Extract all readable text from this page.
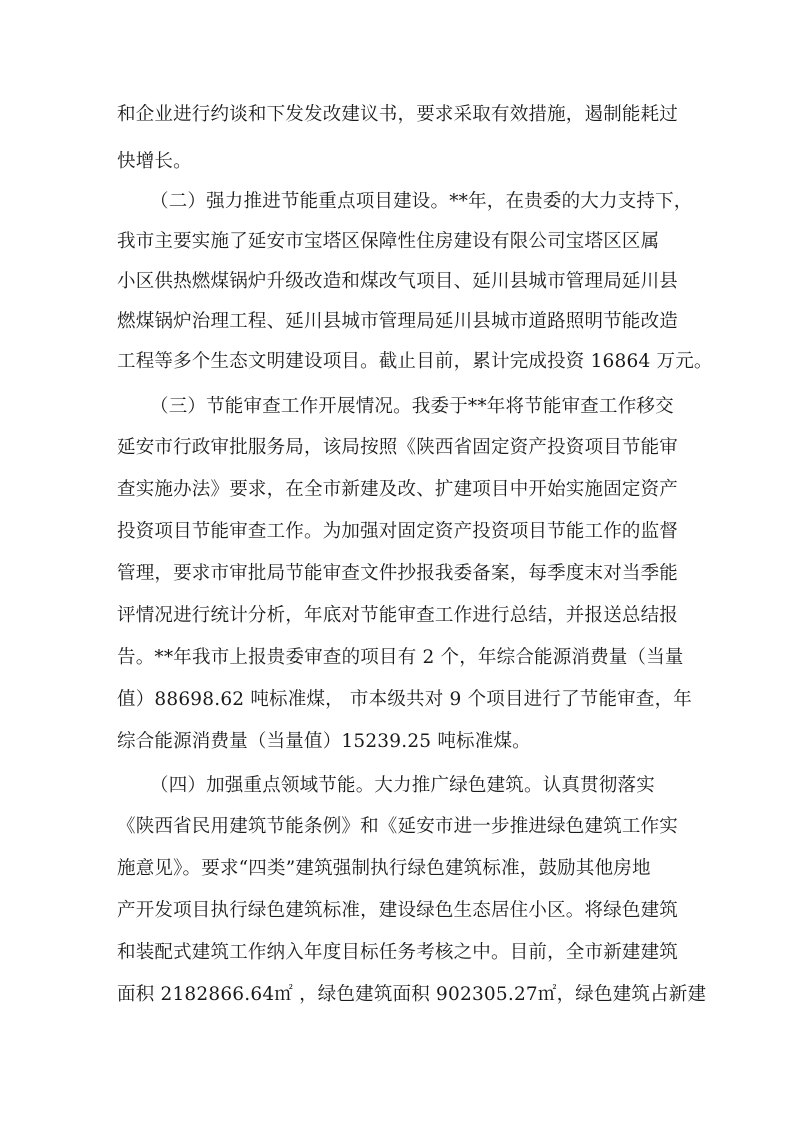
和企业进行约谈和下发发改建议书，要求采取有效措施，遏制能耗过
快增长。
（二）强力推进节能重点项目建设。**年，在贵委的大力支持下，
我市主要实施了延安市宝塔区保障性住房建设有限公司宝塔区区属
小区供热燃煤锅炉升级改造和煤改气项目、延川县城市管理局延川县
燃煤锅炉治理工程、延川县城市管理局延川县城市道路照明节能改造
工程等多个生态文明建设项目。截止目前，累计完成投资 16864 万元。
（三）节能审查工作开展情况。我委于**年将节能审查工作移交
延安市行政审批服务局，该局按照《陕西省固定资产投资项目节能审
查实施办法》要求，在全市新建及改、扩建项目中开始实施固定资产
投资项目节能审查工作。为加强对固定资产投资项目节能工作的监督
管理，要求市审批局节能审查文件抄报我委备案，每季度末对当季能
评情况进行统计分析，年底对节能审查工作进行总结，并报送总结报
告。**年我市上报贵委审查的项目有 2 个，年综合能源消费量（当量
值）88698.62 吨标准煤， 市本级共对 9 个项目进行了节能审查，年
综合能源消费量（当量值）15239.25 吨标准煤。
（四）加强重点领域节能。大力推广绿色建筑。认真贯彻落实
《陕西省民用建筑节能条例》和《延安市进一步推进绿色建筑工作实
施意见》。要求“四类”建筑强制执行绿色建筑标准，鼓励其他房地
产开发项目执行绿色建筑标准，建设绿色生态居住小区。将绿色建筑
和装配式建筑工作纳入年度目标任务考核之中。目前，全市新建建筑
面积 2182866.64㎡ ，绿色建筑面积 902305.27㎡，绿色建筑占新建
